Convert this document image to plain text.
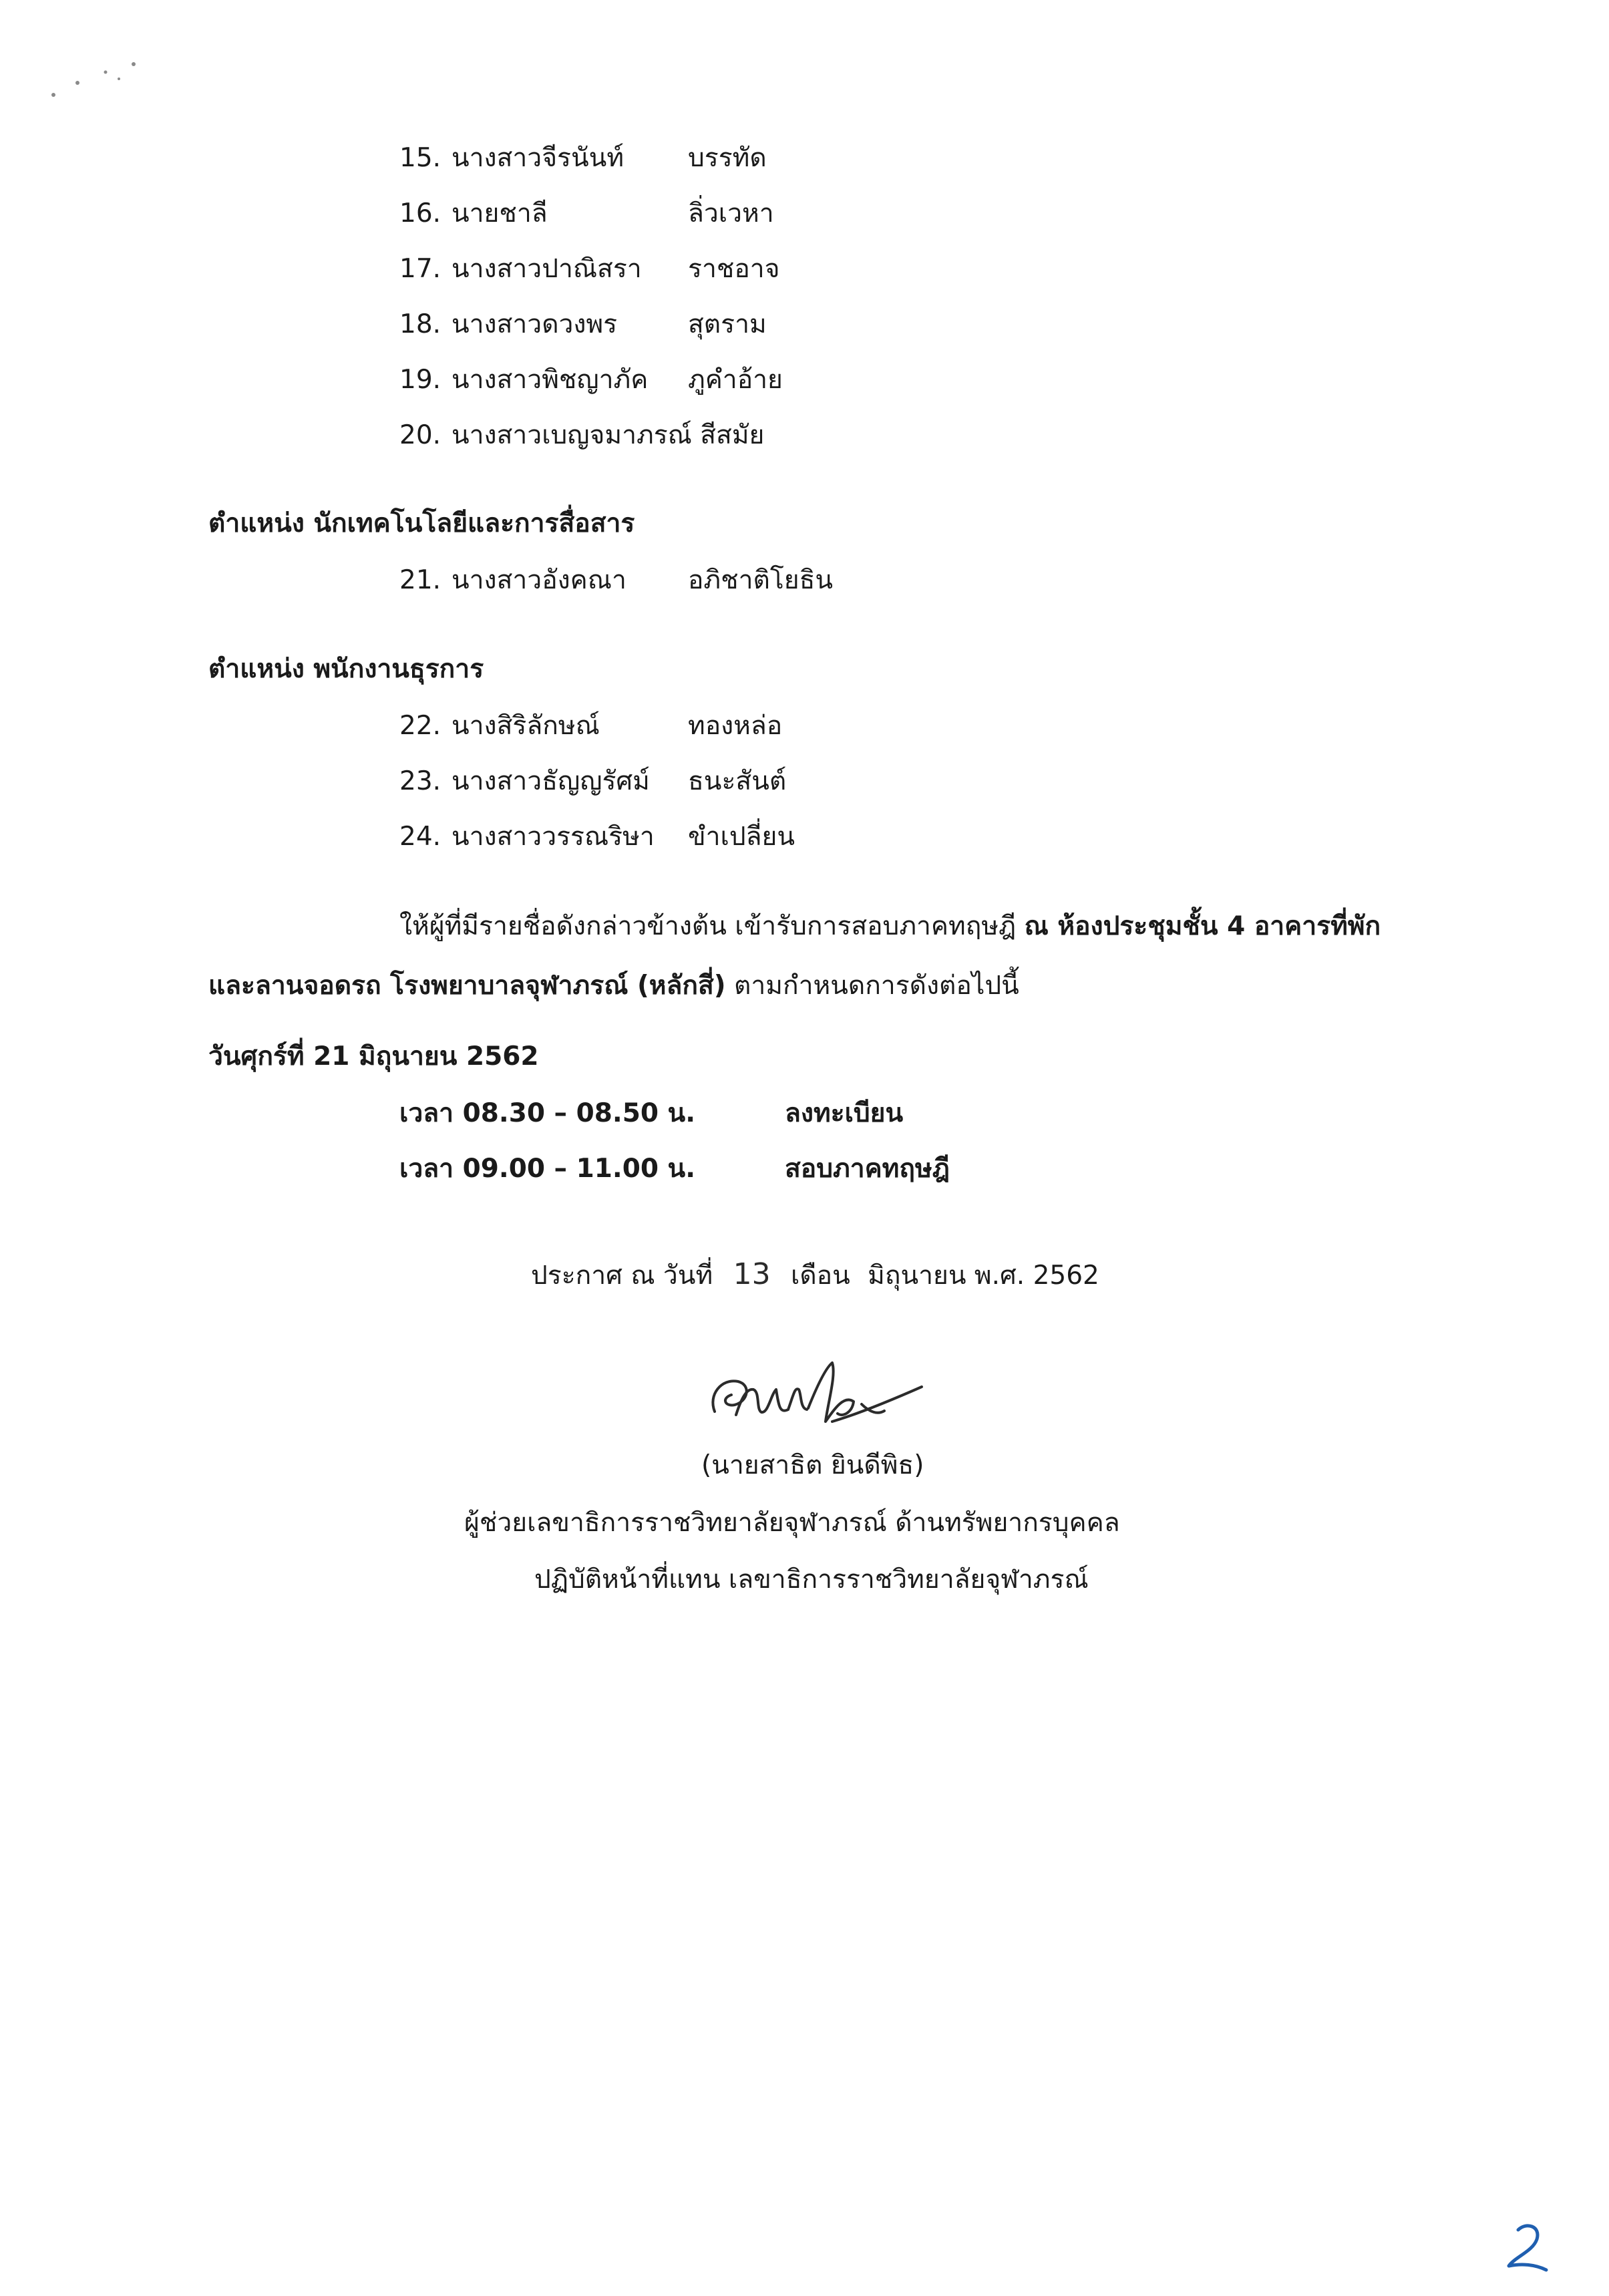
15. นางสาวจีรนันท์ บรรทัด
16. นายชาลี	ลิ่วเวหา
17. นางสาวปาณิสรา ราชอาจ
18. นางสาวดวงพร	สุตราม
19. นางสาวพิชญาภัค ภูคำอ้าย
20. นางสาวเบญจมาภรณ์ สีสมัย
ตำแหน่ง นักเทคโนโลยีและการสื่อสาร
21. นางสาวอังคณา อภิชาติโยธิน
ตำแหน่ง พนักงานธุรการ
22. นางสิริลักษณ์	ทองหล่อ
23. นางสาวธัญญรัศม์ ธนะสันต์
24. นางสาววรรณริษา ขำเปลี่ยน
ให้ผู้ที่มีรายชื่อดังกล่าวข้างต้น เข้ารับการสอบภาคทฤษฎี ณ ห้องประชุมชั้น 4 อาคารที่พัก
และลานจอดรถ โรงพยาบาลจุฬาภรณ์ (หลักสี่) ตามกำหนดการดังต่อไปนี้
วันศุกร์ที่ 21 มิถุนายน 2562
เวลา 08.30 – 08.50 น.	ลงทะเบียน
เวลา 09.00 – 11.00 น.	สอบภาคทฤษฎี
ประกาศ ณ วันที่ 13 เดือน มิถุนายน พ.ศ. 2562
(นายสาธิต ยินดีพิธ)
ผู้ช่วยเลขาธิการราชวิทยาลัยจุฬาภรณ์ ด้านทรัพยากรบุคคล
ปฏิบัติหน้าที่แทน เลขาธิการราชวิทยาลัยจุฬาภรณ์
